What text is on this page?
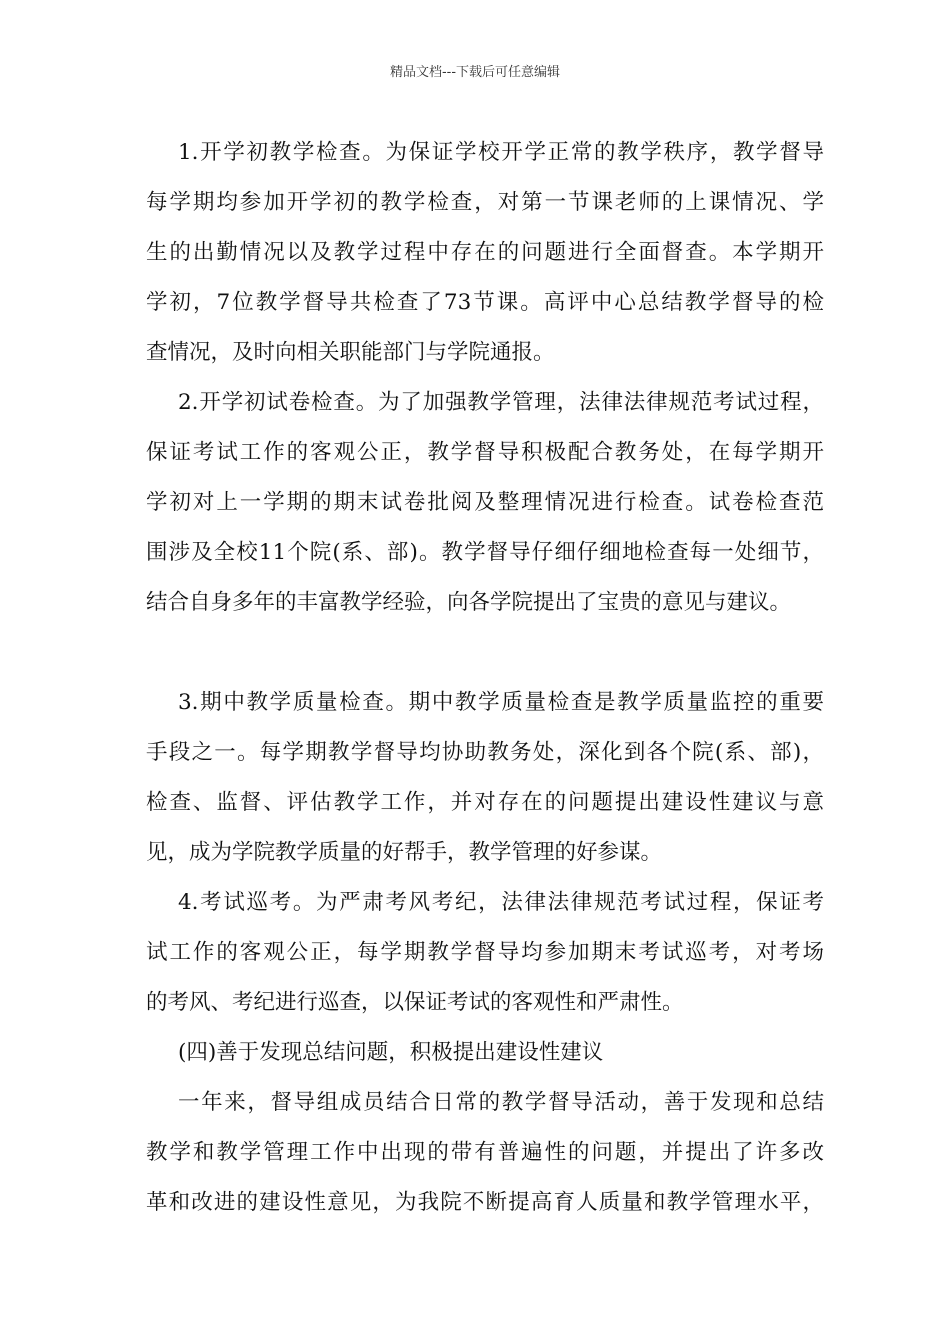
精品文档---下载后可任意编辑
1.开学初教学检查。为保证学校开学正常的教学秩序，教学督导
每学期均参加开学初的教学检查，对第一节课老师的上课情况、学
生的出勤情况以及教学过程中存在的问题进行全面督查。本学期开
学初，7位教学督导共检查了73节课。高评中心总结教学督导的检
查情况，及时向相关职能部门与学院通报。
2.开学初试卷检查。为了加强教学管理，法律法律规范考试过程，
保证考试工作的客观公正，教学督导积极配合教务处，在每学期开
学初对上一学期的期末试卷批阅及整理情况进行检查。试卷检查范
围涉及全校11个院(系、部)。教学督导仔细仔细地检查每一处细节，
结合自身多年的丰富教学经验，向各学院提出了宝贵的意见与建议。
3.期中教学质量检查。期中教学质量检查是教学质量监控的重要
手段之一。每学期教学督导均协助教务处，深化到各个院(系、部)，
检查、监督、评估教学工作，并对存在的问题提出建设性建议与意
见，成为学院教学质量的好帮手，教学管理的好参谋。
4.考试巡考。为严肃考风考纪，法律法律规范考试过程，保证考
试工作的客观公正，每学期教学督导均参加期末考试巡考，对考场
的考风、考纪进行巡查，以保证考试的客观性和严肃性。
(四)善于发现总结问题，积极提出建设性建议
一年来，督导组成员结合日常的教学督导活动，善于发现和总结
教学和教学管理工作中出现的带有普遍性的问题，并提出了许多改
革和改进的建设性意见，为我院不断提高育人质量和教学管理水平，
